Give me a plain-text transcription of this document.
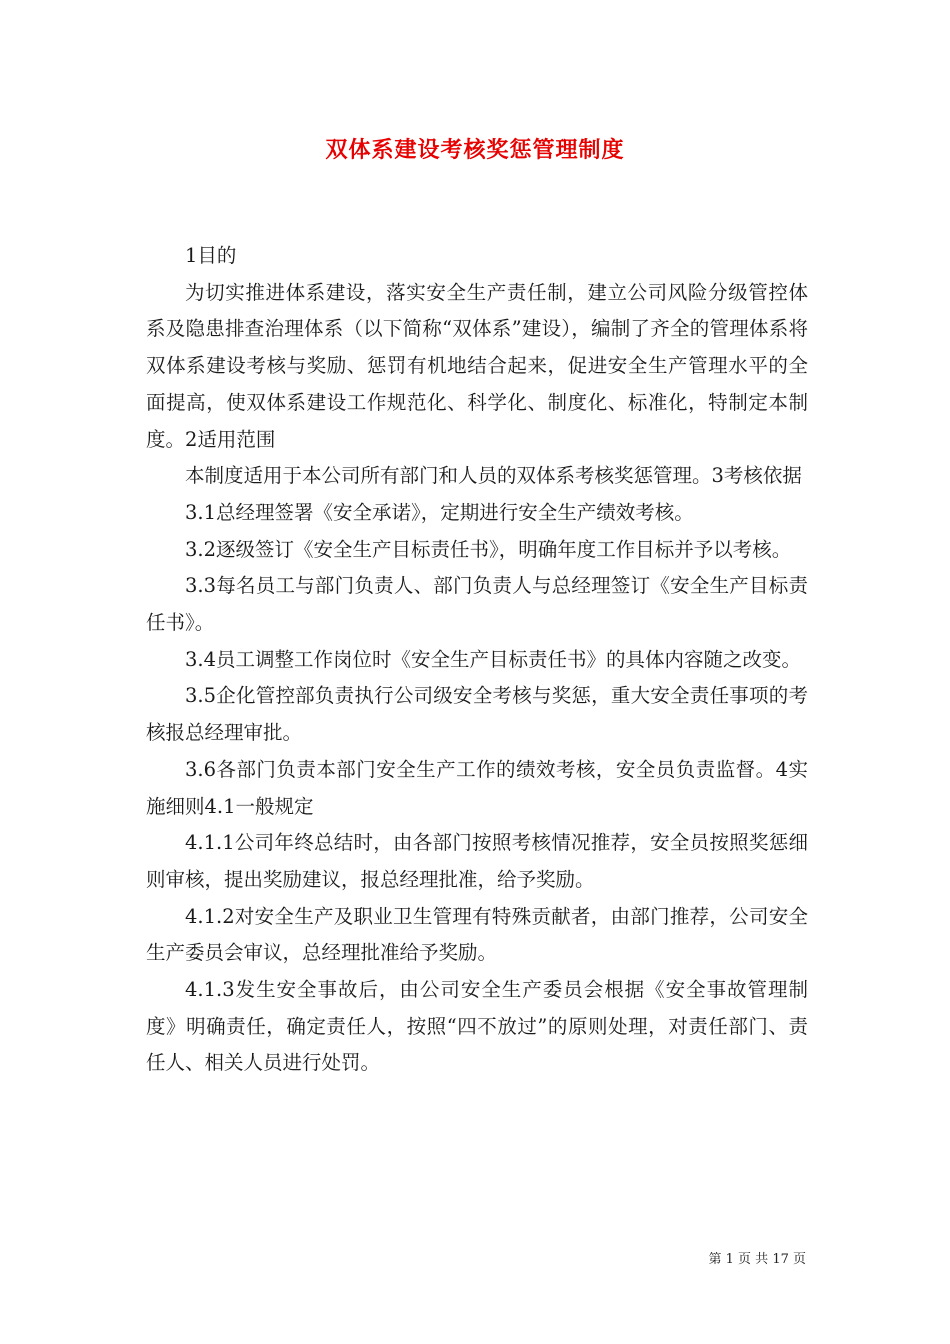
双体系建设考核奖惩管理制度

1目的

为切实推进体系建设，落实安全生产责任制，建立公司风险分级管控体系及隐患排查治理体系（以下简称“双体系”建设），编制了齐全的管理体系将双体系建设考核与奖励、惩罚有机地结合起来，促进安全生产管理水平的全面提高，使双体系建设工作规范化、科学化、制度化、标准化，特制定本制度。2适用范围

本制度适用于本公司所有部门和人员的双体系考核奖惩管理。3考核依据

3.1总经理签署《安全承诺》，定期进行安全生产绩效考核。

3.2逐级签订《安全生产目标责任书》，明确年度工作目标并予以考核。

3.3每名员工与部门负责人、部门负责人与总经理签订《安全生产目标责任书》。

3.4员工调整工作岗位时《安全生产目标责任书》的具体内容随之改变。

3.5企化管控部负责执行公司级安全考核与奖惩，重大安全责任事项的考核报总经理审批。

3.6各部门负责本部门安全生产工作的绩效考核，安全员负责监督。4实施细则4.1一般规定

4.1.1公司年终总结时，由各部门按照考核情况推荐，安全员按照奖惩细则审核，提出奖励建议，报总经理批准，给予奖励。

4.1.2对安全生产及职业卫生管理有特殊贡献者，由部门推荐，公司安全生产委员会审议，总经理批准给予奖励。

4.1.3发生安全事故后，由公司安全生产委员会根据《安全事故管理制度》明确责任，确定责任人，按照“四不放过”的原则处理，对责任部门、责任人、相关人员进行处罚。

第 1 页 共 17 页
